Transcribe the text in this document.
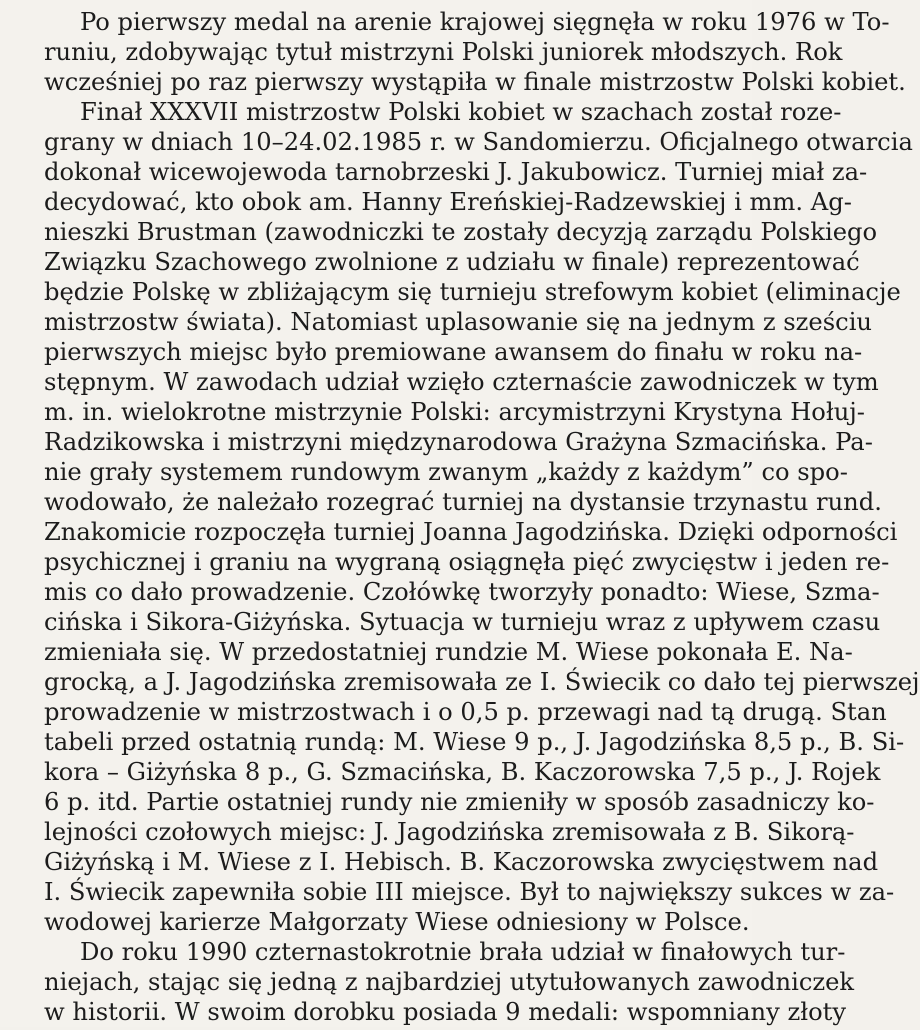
Po pierwszy medal na arenie krajowej sięgnęła w roku 1976 w To-
runiu, zdobywając tytuł mistrzyni Polski juniorek młodszych. Rok
wcześniej po raz pierwszy wystąpiła w finale mistrzostw Polski kobiet.
Finał XXXVII mistrzostw Polski kobiet w szachach został roze-
grany w dniach 10–24.02.1985 r. w Sandomierzu. Oficjalnego otwarcia
dokonał wicewojewoda tarnobrzeski J. Jakubowicz. Turniej miał za-
decydować, kto obok am. Hanny Ereńskiej-Radzewskiej i mm. Ag-
nieszki Brustman (zawodniczki te zostały decyzją zarządu Polskiego
Związku Szachowego zwolnione z udziału w finale) reprezentować
będzie Polskę w zbliżającym się turnieju strefowym kobiet (eliminacje
mistrzostw świata). Natomiast uplasowanie się na jednym z sześciu
pierwszych miejsc było premiowane awansem do finału w roku na-
stępnym. W zawodach udział wzięło czternaście zawodniczek w tym
m. in. wielokrotne mistrzynie Polski: arcymistrzyni Krystyna Hołuj-
Radzikowska i mistrzyni międzynarodowa Grażyna Szmacińska. Pa-
nie grały systemem rundowym zwanym „każdy z każdym” co spo-
wodowało, że należało rozegrać turniej na dystansie trzynastu rund.
Znakomicie rozpoczęła turniej Joanna Jagodzińska. Dzięki odporności
psychicznej i graniu na wygraną osiągnęła pięć zwycięstw i jeden re-
mis co dało prowadzenie. Czołówkę tworzyły ponadto: Wiese, Szma-
cińska i Sikora-Giżyńska. Sytuacja w turnieju wraz z upływem czasu
zmieniała się. W przedostatniej rundzie M. Wiese pokonała E. Na-
grocką, a J. Jagodzińska zremisowała ze I. Świecik co dało tej pierwszej
prowadzenie w mistrzostwach i o 0,5 p. przewagi nad tą drugą. Stan
tabeli przed ostatnią rundą: M. Wiese 9 p., J. Jagodzińska 8,5 p., B. Si-
kora – Giżyńska 8 p., G. Szmacińska, B. Kaczorowska 7,5 p., J. Rojek
6 p. itd. Partie ostatniej rundy nie zmieniły w sposób zasadniczy ko-
lejności czołowych miejsc: J. Jagodzińska zremisowała z B. Sikorą-
Giżyńską i M. Wiese z I. Hebisch. B. Kaczorowska zwycięstwem nad
I. Świecik zapewniła sobie III miejsce. Był to największy sukces w za-
wodowej karierze Małgorzaty Wiese odniesiony w Polsce.
Do roku 1990 czternastokrotnie brała udział w finałowych tur-
niejach, stając się jedną z najbardziej utytułowanych zawodniczek
w historii. W swoim dorobku posiada 9 medali: wspomniany złoty
